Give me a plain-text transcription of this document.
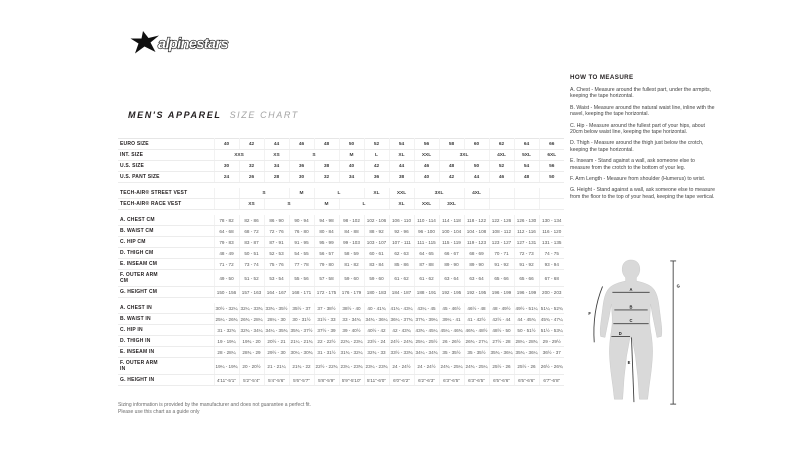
alpinestars
MEN'S APPAREL SIZE CHART
EURO SIZE	40	42	44	46	48	50	52	54	56	58	60	62	64	66
INT. SIZE	XXS		XS	S		M	L	XL	XXL	3XL		4XL	5XL	6XL
U.S. SIZE	30	32	34	36	38	40	42	44	46	48	50	52	54	56
U.S. PANT SIZE	24	26	28	30	32	34	36	38	40	42	44	46	48	50

TECH-AIR® STREET VEST		S		M	L		XL	XXL	3XL		4XL			
TECH-AIR® RACE VEST		XS	S		M	L		XL	XXL	3XL				

A. CHEST CM	78 - 82	82 - 86	86 - 90	90 - 94	94 - 98	98 - 102	102 - 106	106 - 110	110 - 114	114 - 118	118 - 122	122 - 126	126 - 130	130 - 134
B. WAIST CM	64 - 68	68 - 72	72 - 76	76 - 80	80 - 84	84 - 88	88 - 92	92 - 96	96 - 100	100 - 104	104 - 108	108 - 112	112 - 116	116 - 120
C. HIP CM	79 - 83	83 - 87	87 - 91	91 - 95	95 - 99	99 - 103	103 - 107	107 - 111	111 - 115	115 - 119	119 - 123	123 - 127	127 - 131	131 - 135
D. THIGH CM	48 - 49	50 - 51	52 - 53	54 - 55	56 - 57	58 - 59	60 - 61	62 - 63	64 - 65	66 - 67	68 - 69	70 - 71	72 - 73	74 - 75
E. INSEAM CM	71 - 72	73 - 74	75 - 76	77 - 78	79 - 80	81 - 82	83 - 84	85 - 86	87 - 88	89 - 90	89 - 90	91 - 92	91 - 92	93 - 94
F. OUTER ARM
CM	49 - 50	51 - 52	53 - 54	55 - 56	57 - 58	59 - 60	59 - 60	61 - 62	61 - 62	63 - 64	63 - 64	65 - 66	65 - 66	67 - 68
G. HEIGHT CM	150 - 156	157 - 163	164 - 167	168 - 171	172 - 175	176 - 179	180 - 183	184 - 187	188 - 191	192 - 195	192 - 195	196 - 199	196 - 199	200 - 203

A. CHEST IN	30½ - 32¼	32¼ - 33¾	33¾ - 35½	35½ - 37	37 - 38½	38½ - 40	40 - 41¾	41¾ - 43¼	43¼ - 45	45 - 46½	46½ - 48	48 - 49½	49½ - 51¼	51¼ - 52¾
B. WAIST IN	25¼ - 26¾	26¾ - 28¼	28¼ - 30	30 - 31½	31½ - 33	33 - 34¾	34¾ - 36¼	36¼ - 37¾	37¾ - 39¼	39¼ - 41	41 - 42½	42½ - 44	44 - 45¾	45¾ - 47¼
C. HIP IN	31 - 32¾	32¾ - 34¼	34¼ - 35¾	35¾ - 37½	37½ - 39	39 - 40½	40½ - 42	42 - 43¾	43¾ - 45¼	45¼ - 46¾	46¾ - 48½	48½ - 50	50 - 51½	51½ - 53¼
D. THIGH IN	19 - 19¼	19¾ - 20	20½ - 21	21¼ - 21¾	22 - 22½	22¾ - 23¼	23½ - 24	24½ - 24¾	25¼ - 25½	26 - 26½	26¾ - 27¼	27½ - 28	28¼ - 28¾	29 - 29½
E. INSEAM IN	28 - 28¼	28¾ - 29	29½ - 30	30¼ - 30¾	31 - 31½	31¾ - 32¼	32¾ - 33	33½ - 33¾	34¼ - 34¾	35 - 35½	35 - 35½	35¾ - 36¼	35¾ - 36¼	36½ - 37
F. OUTER ARM
IN	19¼ - 19¾	20 - 20½	21 - 21¼	21¾ - 22	22½ - 22¾	23¼ - 23¾	23¼ - 23¾	24 - 24½	24 - 24½	24¾ - 25¼	24¾ - 25¼	25½ - 26	25½ - 26	26½ - 26¾
G. HEIGHT IN	4'11"-5'1"	5'2"-5'4"	5'4"-5'6"	5'6"-5'7"	5'8"-5'9"	5'9"-5'10"	5'11"-6'0"	6'0"-6'2"	6'2"-6'3"	6'3"-6'5"	6'3"-6'5"	6'5"-6'6"	6'5"-6'6"	6'7"-6'8"

HOW TO MEASURE

A. Chest - Measure around the fullest part, under the armpits, keeping the tape horizontal.

B. Waist - Measure around the natural waist line, inline with the navel, keeping the tape horizontal.

C. Hip - Measure around the fullest part of your hips, about 20cm below waist line, keeping the tape horizontal.

D. Thigh - Measure around the thigh just below the crotch, keeping the tape horizontal.

E. Inseam - Stand against a wall, ask someone else to measure from the crotch to the bottom of your leg.

F. Arm Length - Measure from shoulder (Humerus) to wrist.

G. Height - Stand against a wall, ask someone else to measure from the floor to the top of your head, keeping the tape vertical.

A
B
C
D
E
F
G
Sizing information is provided by the manufacturer and does not guarantee a perfect fit.
Please use this chart as a guide only
